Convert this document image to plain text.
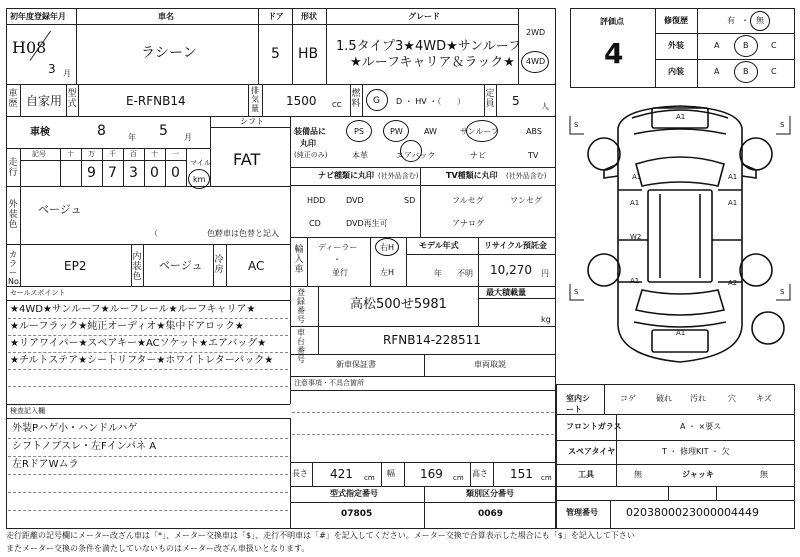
初年度登録年月
H08
3 月
車名
ラシーン
ドア
5
形状
HB
グレード
1.5タイプ3★4WD★サンルーフ
★ルーフキャリア＆ラック★
2WD
4WD
車歴 自家用 型式	E-RFNB14
排気量
1500 CC
燃料 G D ・ HV ・（　　）
定員 5	人
車検	8	年 5 月
シフト
FAT
走行
記号	十 万 千 百 十 一
9 7 3 0 0
マイル
km
外装色
ベージュ
（　　　　　　　）
色替車は色替と記入
カラーNo.
EP2
内装色
ベージュ 冷房 AC
装備品に
丸印
(純正のみ)
PS	PW	AW	サンルーフ	ABS
本革	エアバック	ナビ	TV
ナビ種類に丸印 (社外品含む)	TV種類に丸印 (社外品含む)
HDD	DVD	SD
CD	DVD再生可
フルセグ	ワンセグ
アナログ
輸入車
ディーラー
・
並行
右H
左H
モデル年式
年 不明
リサイクル預託金
10,270 円
セールスポイント
★4WD★サンルーフ★ルーフレール★ルーフキャリア★
★ルーフラック★純正オーディオ★集中ドアロック★
★リアワイパー★スペアキー★ACソケット★エアバッグ★
★チルトステア★シートリフター★ホワイトレターパック★
登録番号
高松500せ5981
最大積載量
kg
車台番号
RFNB14-228511
新車保証書	車両取説
注意事項・不具合箇所
検査記入欄
外装Pハゲ小・ハンドルハゲ
シフトノブスレ・左Fインパネ A
左RドアWムラ
長さ 421 cm 幅 169 cm 高さ 151 cm
型式指定番号
07805
類別区分番号
0069
評価点
4
修復歴	有 ・ 無
外装	A	B	C
内装	A	B	C
S	S
S	S
A1
A1	A1
A1
W2
A1
A1	A2
A1
室内シート
コゲ	破れ 汚れ	穴	キズ
フロントガラス	A ・ ×要ス
スペアタイヤ	T ・ 修理KIT ・ 欠
工具	無	ジャッキ	無
管理番号	0203800023000004449
走行距離の記号欄にメーター改ざん車は「*」、メーター交換車は「$」、走行不明車は「#」を記入してください。メーター交換で合算表示した場合にも「$」を記入して下さい
またメーター交換の条件を満たしていないものはメーター改ざん車扱いとなります。
